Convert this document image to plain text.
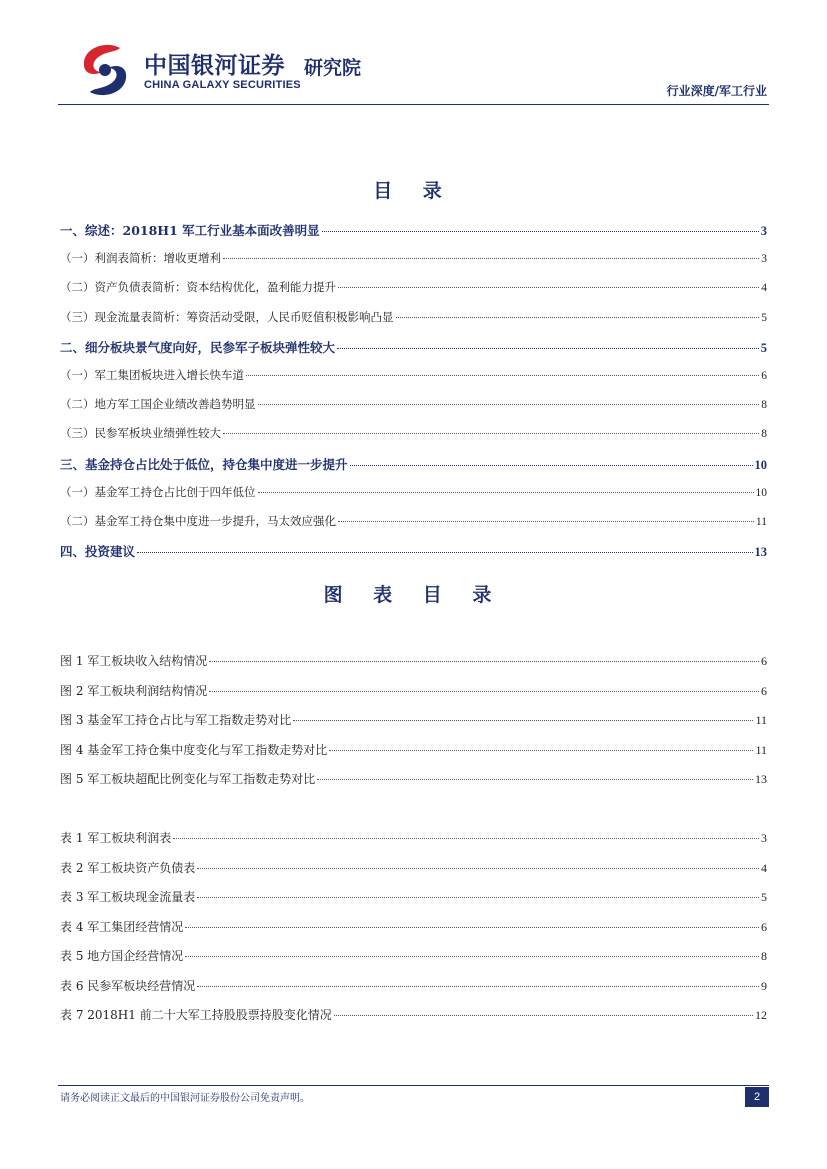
中国银河证券 研究院
CHINA GALAXY SECURITIES	行业深度/军工行业
目 录
一、综述：2018H1 军工行业基本面改善明显	3
（一）利润表简析：增收更增利	3
（二）资产负债表简析：资本结构优化，盈利能力提升	4
（三）现金流量表简析：筹资活动受限，人民币贬值积极影响凸显	5
二、细分板块景气度向好，民参军子板块弹性较大	5
（一）军工集团板块进入增长快车道	6
（二）地方军工国企业绩改善趋势明显	8
（三）民参军板块业绩弹性较大	8
三、基金持仓占比处于低位，持仓集中度进一步提升	10
（一）基金军工持仓占比创于四年低位	10
（二）基金军工持仓集中度进一步提升，马太效应强化	11
四、投资建议	13
图 表 目 录
图 1 军工板块收入结构情况	6
图 2 军工板块利润结构情况	6
图 3 基金军工持仓占比与军工指数走势对比	11
图 4 基金军工持仓集中度变化与军工指数走势对比	11
图 5 军工板块超配比例变化与军工指数走势对比	13
表 1 军工板块利润表	3
表 2 军工板块资产负债表	4
表 3 军工板块现金流量表	5
表 4 军工集团经营情况	6
表 5 地方国企经营情况	8
表 6 民参军板块经营情况	9
表 7 2018H1 前二十大军工持股股票持股变化情况	12
请务必阅读正文最后的中国银河证券股份公司免责声明。	2
